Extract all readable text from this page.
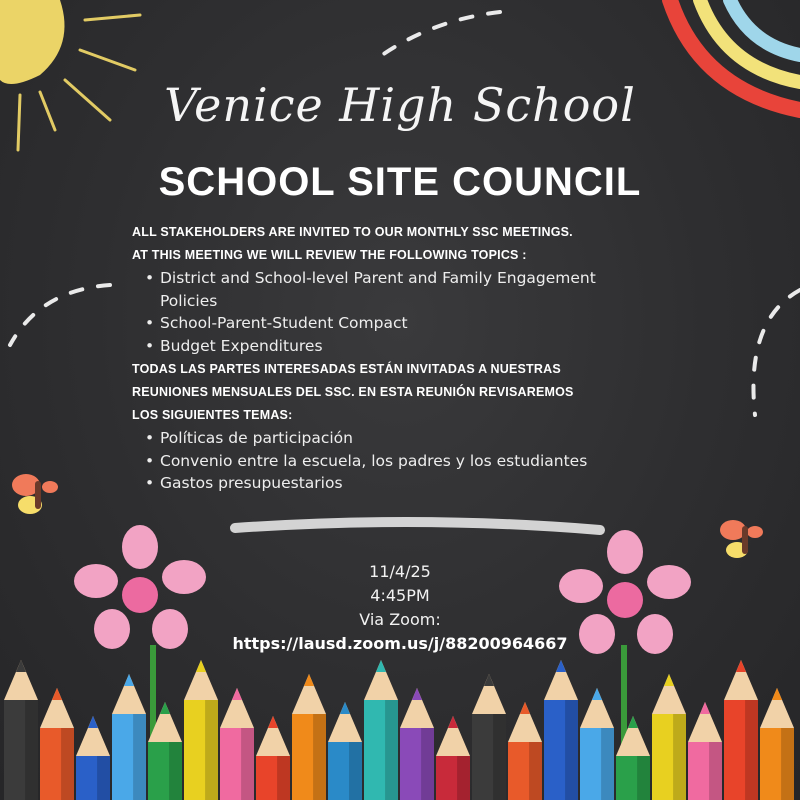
Venice High School
SCHOOL SITE COUNCIL
ALL STAKEHOLDERS ARE INVITED TO OUR MONTHLY SSC MEETINGS.
AT THIS MEETING WE WILL REVIEW THE FOLLOWING TOPICS :
• District and School-level Parent and Family Engagement Policies
• School-Parent-Student Compact
• Budget Expenditures
TODAS LAS PARTES INTERESADAS ESTÁN INVITADAS A NUESTRAS
REUNIONES MENSUALES DEL SSC. EN ESTA REUNIÓN REVISAREMOS
LOS SIGUIENTES TEMAS:
• Políticas de participación
• Convenio entre la escuela, los padres y los estudiantes
• Gastos presupuestarios
11/4/25
4:45PM
Via Zoom:
https://lausd.zoom.us/j/88200964667
